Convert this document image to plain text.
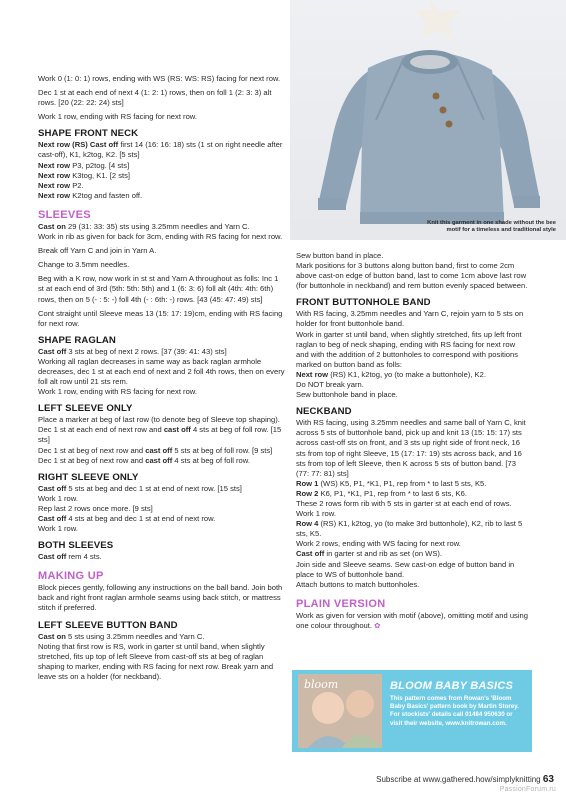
Knit this garment in one shade without the bee motif for a timeless and traditional style

Work 0 (1: 0: 1) rows, ending with WS (RS: WS: RS) facing for next row.

Dec 1 st at each end of next 4 (1: 2: 1) rows, then on foll 1 (2: 3: 3) alt rows. [20 (22: 22: 24) sts]

Work 1 row, ending with RS facing for next row.

SHAPE FRONT NECK
Next row (RS) Cast off first 14 (16: 16: 18) sts (1 st on right needle after cast-off), K1, k2tog, K2. [5 sts]
Next row P3, p2tog. [4 sts]
Next row K3tog, K1. [2 sts]
Next row P2.
Next row K2tog and fasten off.
SLEEVES
Cast on 29 (31: 33: 35) sts using 3.25mm needles and Yarn C.

Work in rib as given for back for 3cm, ending with RS facing for next row.

Break off Yarn C and join in Yarn A.

Change to 3.5mm needles.

Beg with a K row, now work in st st and Yarn A throughout as folls: Inc 1 st at each end of 3rd (5th: 5th: 5th) and 1 (6: 3: 6) foll alt (4th: 4th: 6th) rows, then on 5 (- : 5: -) foll 4th (- : 6th: -) rows. [43 (45: 47: 49) sts]

Cont straight until Sleeve meas 13 (15: 17: 19)cm, ending with RS facing for next row.

SHAPE RAGLAN
Cast off 3 sts at beg of next 2 rows. [37 (39: 41: 43) sts]
Working all raglan decreases in same way as back raglan armhole decreases, dec 1 st at each end of next and 2 foll 4th rows, then on every foll alt row until 21 sts rem.

Work 1 row, ending with RS facing for next row.

LEFT SLEEVE ONLY
Place a marker at beg of last row (to denote beg of Sleeve top shaping).
Dec 1 st at each end of next row and cast off 4 sts at beg of foll row. [15 sts]
Dec 1 st at beg of next row and cast off 5 sts at beg of foll row. [9 sts]

Dec 1 st at beg of next row and cast off 4 sts at beg of foll row.

RIGHT SLEEVE ONLY
Cast off 5 sts at beg and dec 1 st at end of next row. [15 sts]
Work 1 row.
Rep last 2 rows once more. [9 sts]
Cast off 4 sts at beg and dec 1 st at end of next row.

Work 1 row.

BOTH SLEEVES

Cast off rem 4 sts.

MAKING UP

Block pieces gently, following any instructions on the ball band. Join both back and right front raglan armhole seams using back stitch, or mattress stitch if preferred.

LEFT SLEEVE BUTTON BAND
Cast on 5 sts using 3.25mm needles and Yarn C.
Noting that first row is RS, work in garter st until band, when slightly stretched, fits up top of left Sleeve from cast-off sts at beg of raglan shaping to marker, ending with RS facing for next row. Break yarn and leave sts on a holder (for neckband).
Sew button band in place.

Mark positions for 3 buttons along button band, first to come 2cm above cast-on edge of button band, last to come 1cm above last row (for buttonhole in neckband) and rem button evenly spaced between.

FRONT BUTTONHOLE BAND
With RS facing, 3.25mm needles and Yarn C, rejoin yarn to 5 sts on holder for front buttonhole band.
Work in garter st until band, when slightly stretched, fits up left front raglan to beg of neck shaping, ending with RS facing for next row and with the addition of 2 buttonholes to correspond with positions marked on button band as folls:
Next row (RS) K1, k2tog, yo (to make a buttonhole), K2.
Do NOT break yarn.

Sew buttonhole band in place.

NECKBAND
With RS facing, using 3.25mm needles and same ball of Yarn C, knit across 5 sts of buttonhole band, pick up and knit 13 (15: 15: 17) sts across cast-off sts on front, and 3 sts up right side of front neck, 16 sts from top of right Sleeve, 15 (17: 17: 19) sts across back, and 16 sts from top of left Sleeve, then K across 5 sts of button band. [73 (77: 77: 81) sts]
Row 1 (WS) K5, P1, *K1, P1, rep from * to last 5 sts, K5.
Row 2 K6, P1, *K1, P1, rep from * to last 6 sts, K6.
These 2 rows form rib with 5 sts in garter st at each end of rows.
Work 1 row.
Row 4 (RS) K1, k2tog, yo (to make 3rd buttonhole), K2, rib to last 5 sts, K5.
Work 2 rows, ending with WS facing for next row.
Cast off in garter st and rib as set (on WS).
Join side and Sleeve seams. Sew cast-on edge of button band in place to WS of buttonhole band.

Attach buttons to match buttonholes.

PLAIN VERSION
Work as given for version with motif (above), omitting motif and using one colour throughout. ✿
bloom	BLOOM BABY BASICS
This pattern comes from Rowan's 'Bloom Baby Basics' pattern book by Martin Storey. For stockists' details call 01484 950630 or visit their website, www.knitrowan.com.
Subscribe at www.gathered.how/simplyknitting 63
PassionForum.ru
